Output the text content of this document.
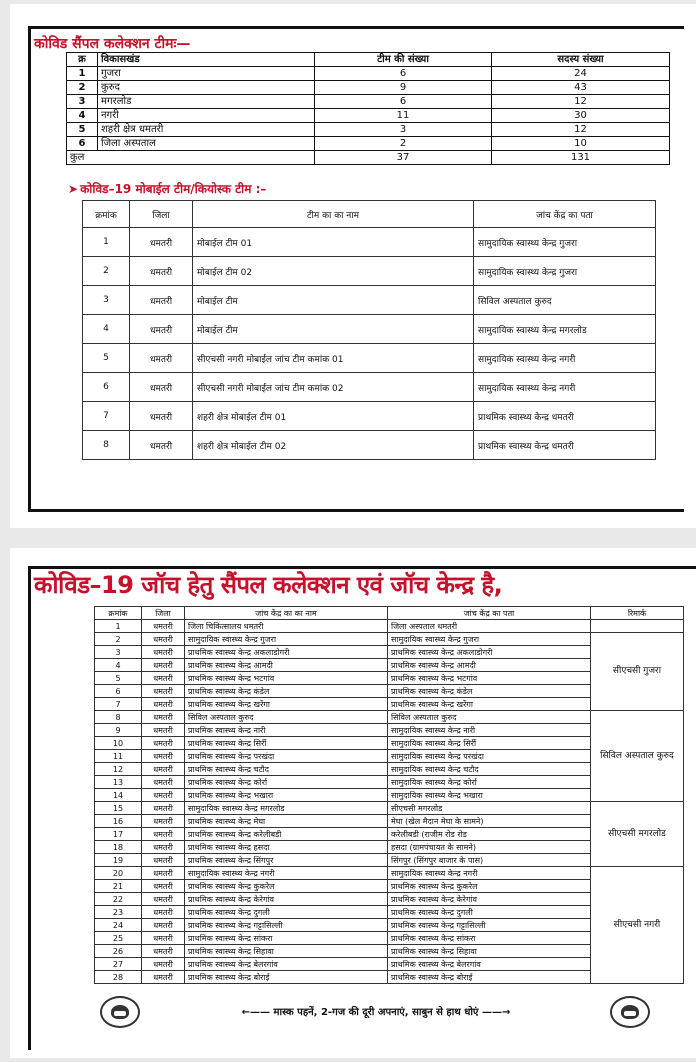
कोविड सैंपल कलेक्शन टीमः—
क्र	विकासखंड	टीम की संख्या	सदस्य संख्या
1	गुजरा	6	24
2	कुरुद	9	43
3	मगरलोड	6	12
4	नगरी	11	30
5	शहरी क्षेत्र धमतरी	3	12
6	जिला अस्पताल	2	10
कुल		37	131
➤ कोविड–19 मोबाईल टीम/कियोस्क टीम :–
क्रमांक	जिला	टीम का का नाम	जांच केंद्र का पता
1	धमतरी	मोबाईल टीम 01	सामुदायिक स्वास्थ्य केन्द्र गुजरा
2	धमतरी	मोबाईल टीम 02	सामुदायिक स्वास्थ्य केन्द्र गुजरा
3	धमतरी	मोबाईल टीम	सिविल अस्पताल कुरुद
4	धमतरी	मोबाईल टीम	सामुदायिक स्वास्थ्य केन्द्र मगरलोड
5	धमतरी	सीएचसी नगरी मोबाईल जांच टीम कमांक 01	सामुदायिक स्वास्थ्य केन्द्र नगरी
6	धमतरी	सीएचसी नगरी मोबाईल जांच टीम कमांक 02	सामुदायिक स्वास्थ्य केन्द्र नगरी
7	धमतरी	शहरी क्षेत्र मोबाईल टीम 01	प्राथमिक स्वास्थ्य केन्द्र धमतरी
8	धमतरी	शहरी क्षेत्र मोबाईल टीम 02	प्राथमिक स्वास्थ्य केन्द्र धमतरी
कोविड–19 जॉच हेतु सैंपल कलेक्शन एवं जॉच केन्द्र है,
क्रमांक	जिला	जांच केंद्र का का नाम	जांच केंद्र का पता	रिमार्क
1	धमतरी	जिला चिकित्सालय धमतरी	जिला अस्पताल धमतरी	
2	धमतरी	सामुदायिक स्वास्थ्य केन्द्र गुजरा	सामुदायिक स्वास्थ्य केन्द्र गुजरा	सीएचसी गुजरा
3	धमतरी	प्राथमिक स्वास्थ्य केन्द्र अकलाडोगरी	प्राथमिक स्वास्थ्य केन्द्र अकलाडोगरी	
4	धमतरी	प्राथमिक स्वास्थ्य केन्द्र आमदी	प्राथमिक स्वास्थ्य केन्द्र आमदी	
5	धमतरी	प्राथमिक स्वास्थ्य केन्द्र भटगांव	प्राथमिक स्वास्थ्य केन्द्र भटगांव	
6	धमतरी	प्राथमिक स्वास्थ्य केन्द्र कंडेल	प्राथमिक स्वास्थ्य केन्द्र कंडेल	
7	धमतरी	प्राथमिक स्वास्थ्य केन्द्र खरेंगा	प्राथमिक स्वास्थ्य केन्द्र खरेंगा	
8	धमतरी	सिविल अस्पताल कुरुद	सिविल अस्पताल कुरुद	सिविल अस्पताल कुरुद
9	धमतरी	प्राथमिक स्वास्थ्य केन्द्र नारी	सामुदायिक स्वास्थ्य केन्द्र नारी	
10	धमतरी	प्राथमिक स्वास्थ्य केन्द्र सिर्री	सामुदायिक स्वास्थ्य केन्द्र सिर्री	
11	धमतरी	प्राथमिक स्वास्थ्य केन्द्र परखंदा	सामुदायिक स्वास्थ्य केन्द्र परखंदा	
12	धमतरी	प्राथमिक स्वास्थ्य केन्द्र चटौद	सामुदायिक स्वास्थ्य केन्द्र चटौद	
13	धमतरी	प्राथमिक स्वास्थ्य केन्द्र कोर्रा	सामुदायिक स्वास्थ्य केन्द्र कोर्रा	
14	धमतरी	प्राथमिक स्वास्थ्य केन्द्र भखारा	सामुदायिक स्वास्थ्य केन्द्र भखारा	
15	धमतरी	सामुदायिक स्वास्थ्य केन्द्र मगरलोड	सीएचसी मगरलोड	सीएचसी मगरलोड
16	धमतरी	प्राथमिक स्वास्थ्य केन्द्र मेघा	मेघा (खेल मैदान मेघा के सामने)	
17	धमतरी	प्राथमिक स्वास्थ्य केन्द्र करेलीबडी	करेलीबडी (राजीम रोड रोड	
18	धमतरी	प्राथमिक स्वास्थ्य केन्द्र हसदा	हसदा (ग्रामपंचायत के सामने)	
19	धमतरी	प्राथमिक स्वास्थ्य केन्द्र सिंगपुर	सिंगपुर (सिंगपुर बाजार के पास)	
20	धमतरी	सामुदायिक स्वास्थ्य केन्द्र नगरी	सामुदायिक स्वास्थ्य केन्द्र नगरी	सीएचसी नगरी
21	धमतरी	प्राथमिक स्वास्थ्य केन्द्र कुकरेल	प्राथमिक स्वास्थ्य केन्द्र कुकरेल	
22	धमतरी	प्राथमिक स्वास्थ्य केन्द्र केरेगांव	प्राथमिक स्वास्थ्य केन्द्र केरेगांव	
23	धमतरी	प्राथमिक स्वास्थ्य केन्द्र दुगली	प्राथमिक स्वास्थ्य केन्द्र दुगली	
24	धमतरी	प्राथमिक स्वास्थ्य केन्द्र गट्टासिल्ली	प्राथमिक स्वास्थ्य केन्द्र गट्टासिल्ली	
25	धमतरी	प्राथमिक स्वास्थ्य केन्द्र सांकरा	प्राथमिक स्वास्थ्य केन्द्र सांकरा	
26	धमतरी	प्राथमिक स्वास्थ्य केन्द्र सिहावा	प्राथमिक स्वास्थ्य केन्द्र सिहावा	
27	धमतरी	प्राथमिक स्वास्थ्य केन्द्र बेलरगांव	प्राथमिक स्वास्थ्य केन्द्र बेलरगांव	
28	धमतरी	प्राथमिक स्वास्थ्य केन्द्र बोराई	प्राथमिक स्वास्थ्य केन्द्र बोराई	
←—— मास्क पहनें, 2-गज की दूरी अपनाएं, साबुन से हाथ धोएं ——→
